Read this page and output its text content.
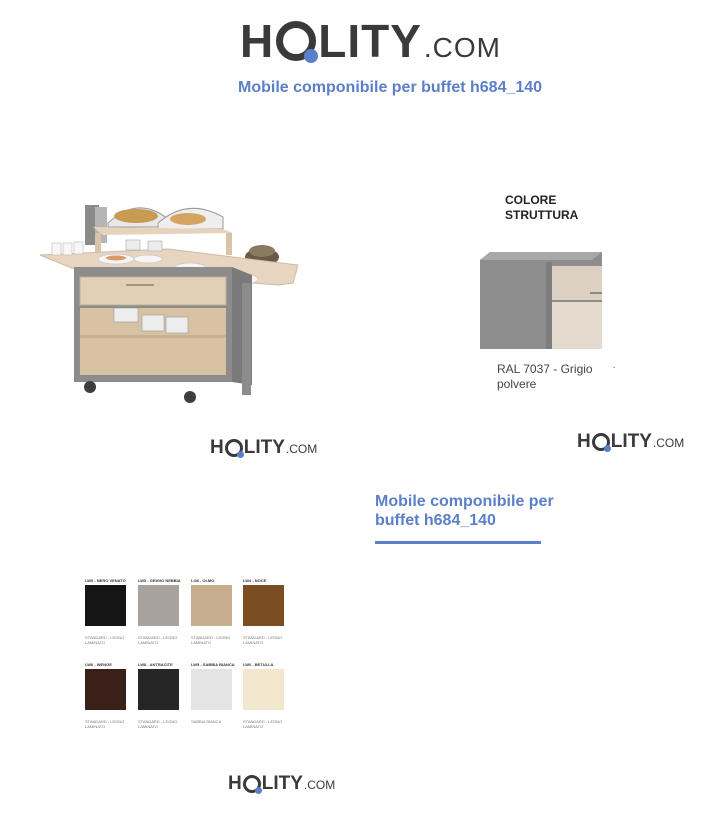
H LITY .COM
Mobile componibile per buffet h684_140
H LITY .COM
COLORE STRUTTURA
RAL 7037 - Grigio polvere
H LITY .COM
Mobile componibile per buffet h684_140
LW0 - NERO VENATO
STANDARD - LEGNO LAMINATO
LW5 - GRIGIO NEBBIA
STANDARD - LEGNO LAMINATO
LO8 - OLMO
STANDARD - LEGNO LAMINATO
LW4 - NOCE
STANDARD - LEGNO LAMINATO
LW6 - WENGE
STANDARD - LEGNO LAMINATO
LW8 - ANTRACITE
STANDARD - LEGNO LAMINATO
LW5 - SABBIA BIANCA
SABBIA BIANCA
LW0 - BETULLA
STANDARD - LEGNO LAMINATO
H LITY .COM
